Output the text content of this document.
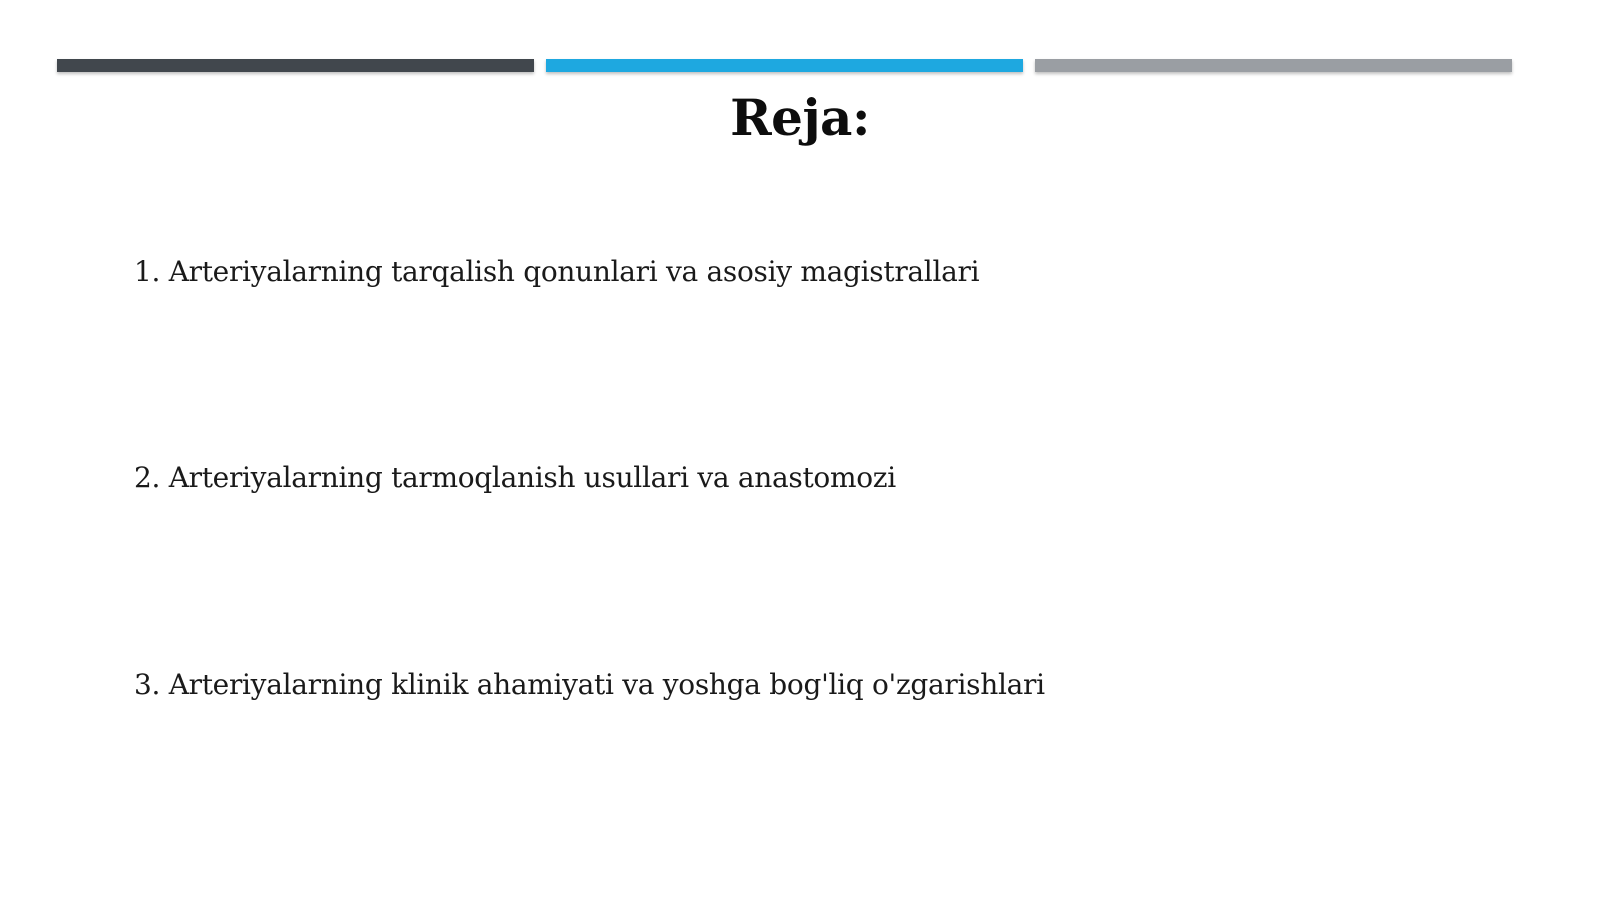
Reja:
1. Arteriyalarning tarqalish qonunlari va asosiy magistrallari
2. Arteriyalarning tarmoqlanish usullari va anastomozi
3. Arteriyalarning klinik ahamiyati va yoshga bog'liq o'zgarishlari
